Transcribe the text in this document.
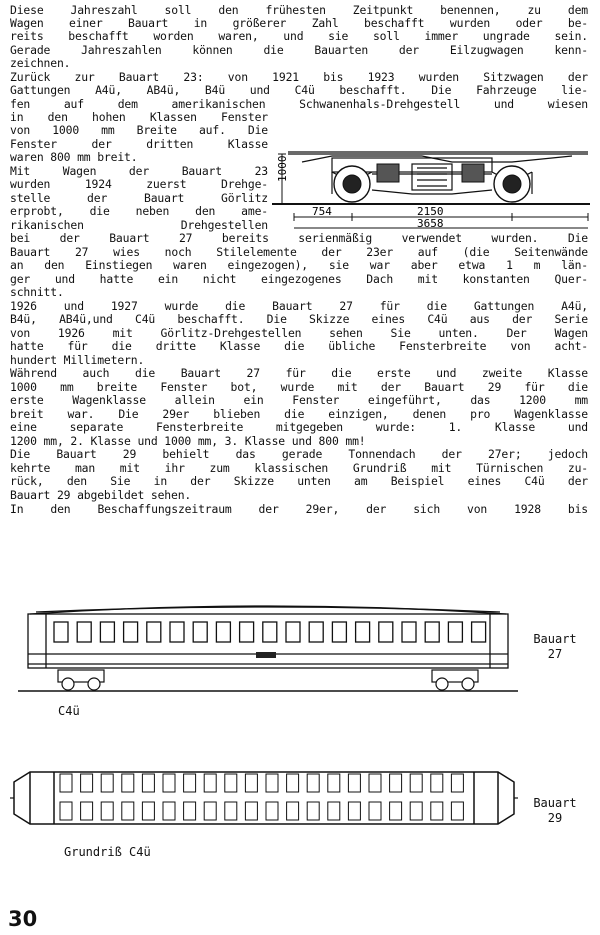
Diese Jahreszahl soll den frühesten Zeitpunkt benennen, zu dem
Wagen einer Bauart in größerer Zahl beschafft wurden oder be-
reits beschafft worden waren, und sie soll immer ungrade sein.
Gerade Jahreszahlen können die Bauarten der Eilzugwagen kenn-
zeichnen.
Zurück zur Bauart 23: von 1921 bis 1923 wurden Sitzwagen der
Gattungen A4ü, AB4ü, B4ü und C4ü beschafft. Die Fahrzeuge lie-
fen auf dem amerikanischen Schwanenhals-Drehgestell und wiesen
in den hohen Klassen Fenster
von 1000 mm Breite auf. Die
Fenster der dritten Klasse
waren 800 mm breit.
Mit Wagen der Bauart 23
wurden 1924 zuerst Drehge-
stelle der Bauart Görlitz
erprobt, die neben den ame-
rikanischen Drehgestellen
bei der Bauart 27 bereits serienmäßig verwendet wurden. Die
Bauart 27 wies noch Stilelemente der 23er auf (die Seitenwände
an den Einstiegen waren eingezogen), sie war aber etwa 1 m län-
ger und hatte ein nicht eingezogenes Dach mit konstanten Quer-
schnitt.
1926 und 1927 wurde die Bauart 27 für die Gattungen A4ü,
B4ü, AB4ü,und C4ü beschafft. Die Skizze eines C4ü aus der Serie
von 1926 mit Görlitz-Drehgestellen sehen Sie unten. Der Wagen
hatte für die dritte Klasse die übliche Fensterbreite von acht-
hundert Millimetern.
Während auch die Bauart 27 für die erste und zweite Klasse
1000 mm breite Fenster bot, wurde mit der Bauart 29 für die
erste Wagenklasse allein ein Fenster eingeführt, das 1200 mm
breit war. Die 29er blieben die einzigen, denen pro Wagenklasse
eine separate Fensterbreite mitgegeben wurde: 1. Klasse und
1200 mm, 2. Klasse und 1000 mm, 3. Klasse und 800 mm!
Die Bauart 29 behielt das gerade Tonnendach der 27er; jedoch
kehrte man mit ihr zum klassischen Grundriß mit Türnischen zu-
rück, den Sie in der Skizze unten am Beispiel eines C4ü der
Bauart 29 abgebildet sehen.
In den Beschaffungszeitraum der 29er, der sich von 1928 bis
1000
754	2150
3658
Bauart
27
C4ü
Bauart
29
Grundriß C4ü
30
